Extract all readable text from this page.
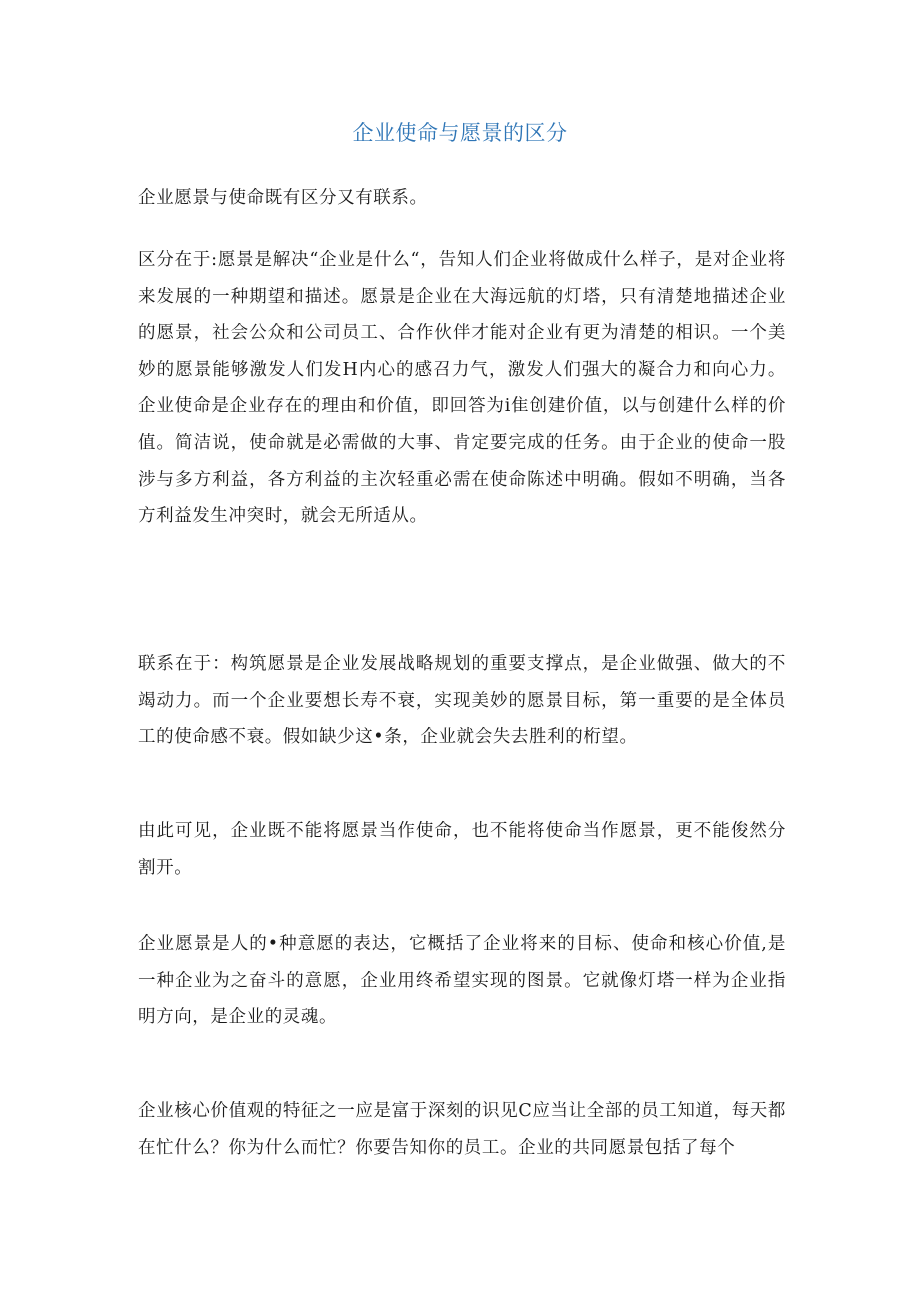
企业使命与愿景的区分
企业愿景与使命既有区分又有联系。
区分在于:愿景是解决“企业是什么“，告知人们企业将做成什么样子，是对企业将来发展的一种期望和描述。愿景是企业在大海远航的灯塔，只有清楚地描述企业的愿景，社会公众和公司员工、合作伙伴才能对企业有更为清楚的相识。一个美妙的愿景能够激发人们发H内心的感召力气，激发人们强大的凝合力和向心力。企业使命是企业存在的理由和价值，即回答为i隹创建价值，以与创建什么样的价值。简洁说，使命就是必需做的大事、肯定要完成的任务。由于企业的使命一股涉与多方利益，各方利益的主次轻重必需在使命陈述中明确。假如不明确，当各方利益发生冲突时，就会无所适从。
联系在于：构筑愿景是企业发展战略规划的重要支撑点，是企业做强、做大的不竭动力。而一个企业要想长寿不衰，实现美妙的愿景目标，第一重要的是全体员工的使命感不衰。假如缺少这•条，企业就会失去胜利的桁望。
由此可见，企业既不能将愿景当作使命，也不能将使命当作愿景，更不能俊然分割开。
企业愿景是人的•种意愿的表达，它概括了企业将来的目标、使命和核心价值,是一种企业为之奋斗的意愿，企业用终希望实现的图景。它就像灯塔一样为企业指明方向，是企业的灵魂。
企业核心价值观的特征之一应是富于深刻的识见C应当让全部的员工知道，每天都在忙什么？你为什么而忙？你要告知你的员工。企业的共同愿景包括了每个
